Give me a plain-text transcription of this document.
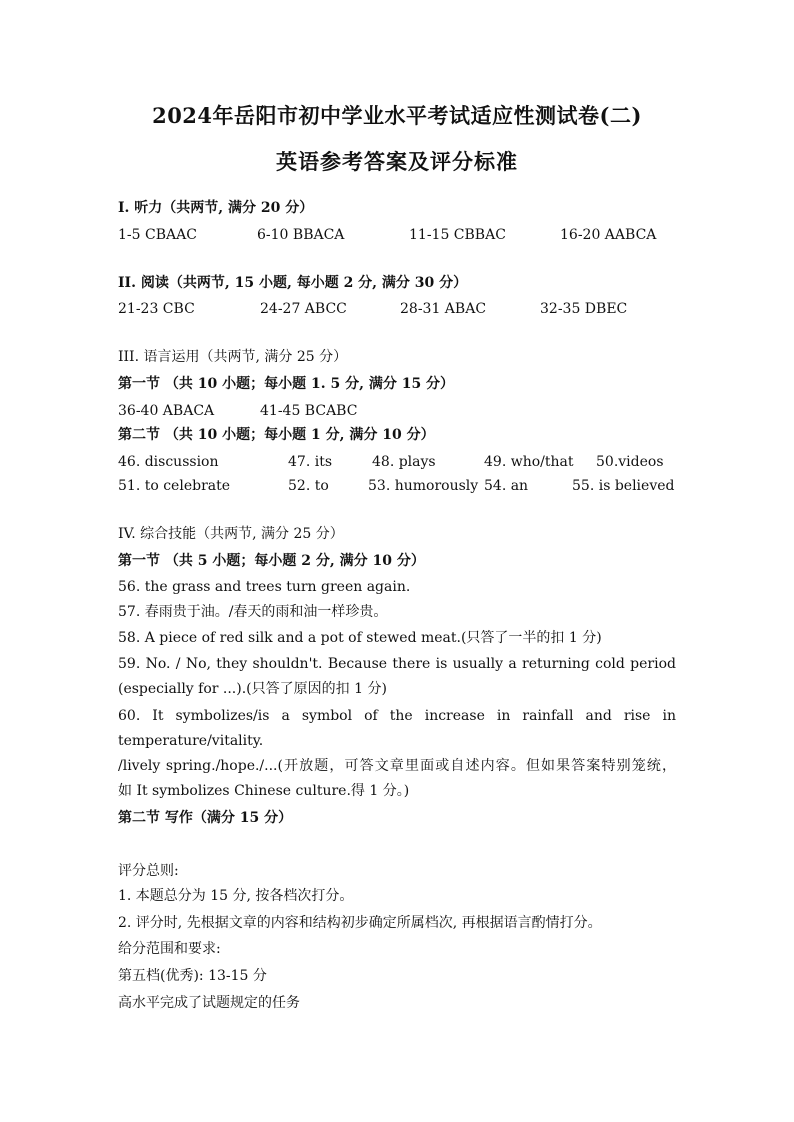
2024年岳阳市初中学业水平考试适应性测试卷(二)
英语参考答案及评分标准
I. 听力（共两节, 满分 20 分）
1-5 CBAAC	6-10 BBACA	11-15 CBBAC	16-20 AABCA
II. 阅读（共两节, 15 小题, 每小题 2 分, 满分 30 分）
21-23 CBC	24-27 ABCC	28-31 ABAC	32-35 DBEC
III. 语言运用（共两节, 满分 25 分）
第一节 （共 10 小题；每小题 1. 5 分, 满分 15 分）
36-40 ABACA	41-45 BCABC
第二节 （共 10 小题；每小题 1 分, 满分 10 分）
46. discussion	47. its	48. plays	49. who/that 50.videos
51. to celebrate	52. to	53. humorously 54. an	55. is believed
IV. 综合技能（共两节, 满分 25 分）
第一节 （共 5 小题；每小题 2 分, 满分 10 分）
56. the grass and trees turn green again.
57. 春雨贵于油。/春天的雨和油一样珍贵。
58. A piece of red silk and a pot of stewed meat.(只答了一半的扣 1 分)
59. No. / No, they shouldn't. Because there is usually a returning cold period
(especially for ...).(只答了原因的扣 1 分)
60. It symbolizes/is a symbol of the increase in rainfall and rise in temperature/vitality.
/lively spring./hope./...(开放题，可答文章里面或自述内容。但如果答案特别笼统，
如 It symbolizes Chinese culture.得 1 分。)
第二节 写作（满分 15 分）
评分总则:
1. 本题总分为 15 分, 按各档次打分。
2. 评分时, 先根据文章的内容和结构初步确定所属档次, 再根据语言酌情打分。
给分范围和要求:
第五档(优秀): 13-15 分
高水平完成了试题规定的任务
